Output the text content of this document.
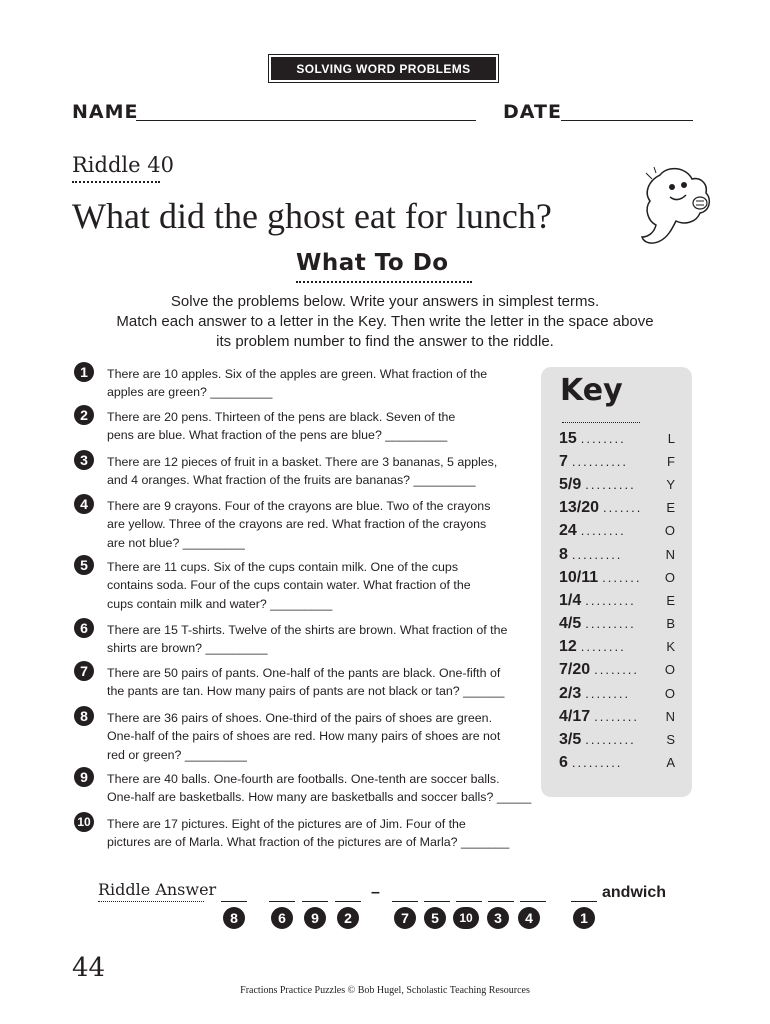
SOLVING WORD PROBLEMS
NAME	DATE
Riddle 40
What did the ghost eat for lunch?
What To Do
Solve the problems below. Write your answers in simplest terms.
Match each answer to a letter in the Key. Then write the letter in the space above
its problem number to find the answer to the riddle.
1	There are 10 apples. Six of the apples are green. What fraction of the
apples are green? _________
2	There are 20 pens. Thirteen of the pens are black. Seven of the
pens are blue. What fraction of the pens are blue? _________
3	There are 12 pieces of fruit in a basket. There are 3 bananas, 5 apples,
and 4 oranges. What fraction of the fruits are bananas? _________
4	There are 9 crayons. Four of the crayons are blue. Two of the crayons
are yellow. Three of the crayons are red. What fraction of the crayons
are not blue? _________
5	There are 11 cups. Six of the cups contain milk. One of the cups
contains soda. Four of the cups contain water. What fraction of the
cups contain milk and water? _________
6	There are 15 T-shirts. Twelve of the shirts are brown. What fraction of the
shirts are brown? _________
7	There are 50 pairs of pants. One-half of the pants are black. One-fifth of
the pants are tan. How many pairs of pants are not black or tan? ______
8	There are 36 pairs of shoes. One-third of the pairs of shoes are green.
One-half of the pairs of shoes are red. How many pairs of shoes are not
red or green? _________
9	There are 40 balls. One-fourth are footballs. One-tenth are soccer balls.
One-half are basketballs. How many are basketballs and soccer balls? _____
10 There are 17 pictures. Eight of the pictures are of Jim. Four of the
pictures are of Marla. What fraction of the pictures are of Marla? _______
Key
15 ........	L
7 ..........	F
5/9 .........	Y
13/20 .......	E
24 ........	O
8 .........	N
10/11 .......	O
1/4 .........	E
4/5 .........	B
12 ........	K
7/20 ........	O
2/3 ........	O
4/17 ........	N
3/5 .........	S
6 .........	A
Riddle Answer	–	andwich
8	6	9	2	7	5	10	3	4	1
44
Fractions Practice Puzzles © Bob Hugel, Scholastic Teaching Resources
